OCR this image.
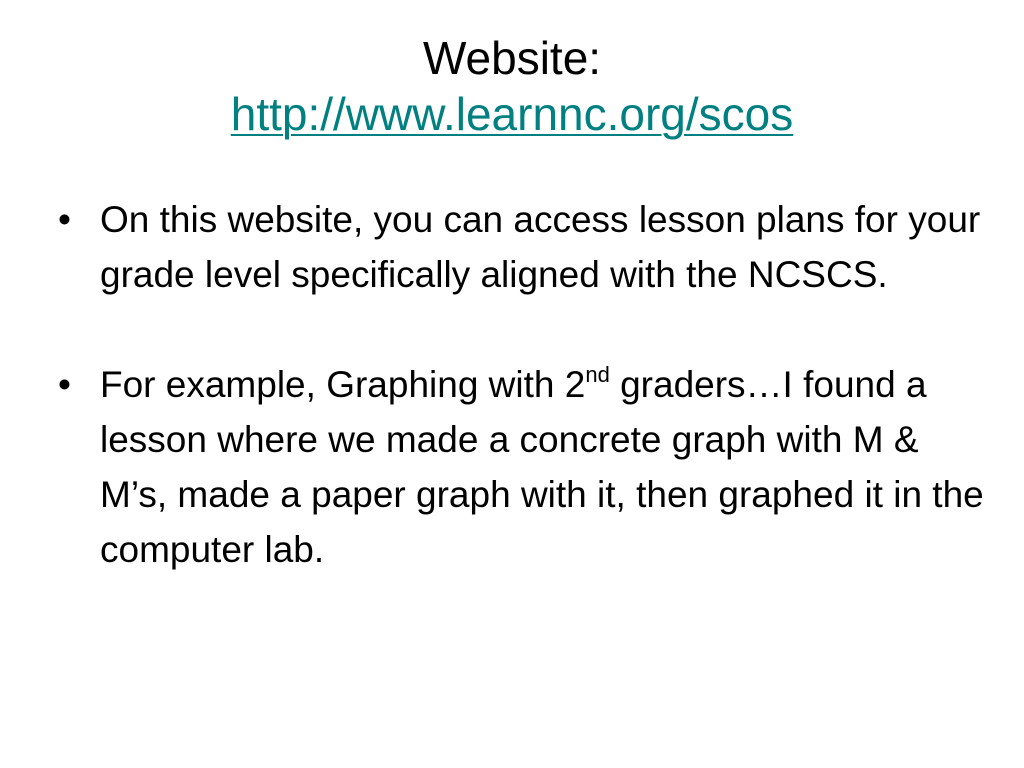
Website:
http://www.learnnc.org/scos
• On this website, you can access lesson plans for your grade level specifically aligned with the NCSCS.
• For example, Graphing with 2nd graders…I found a lesson where we made a concrete graph with M & M’s, made a paper graph with it, then graphed it in the computer lab.
